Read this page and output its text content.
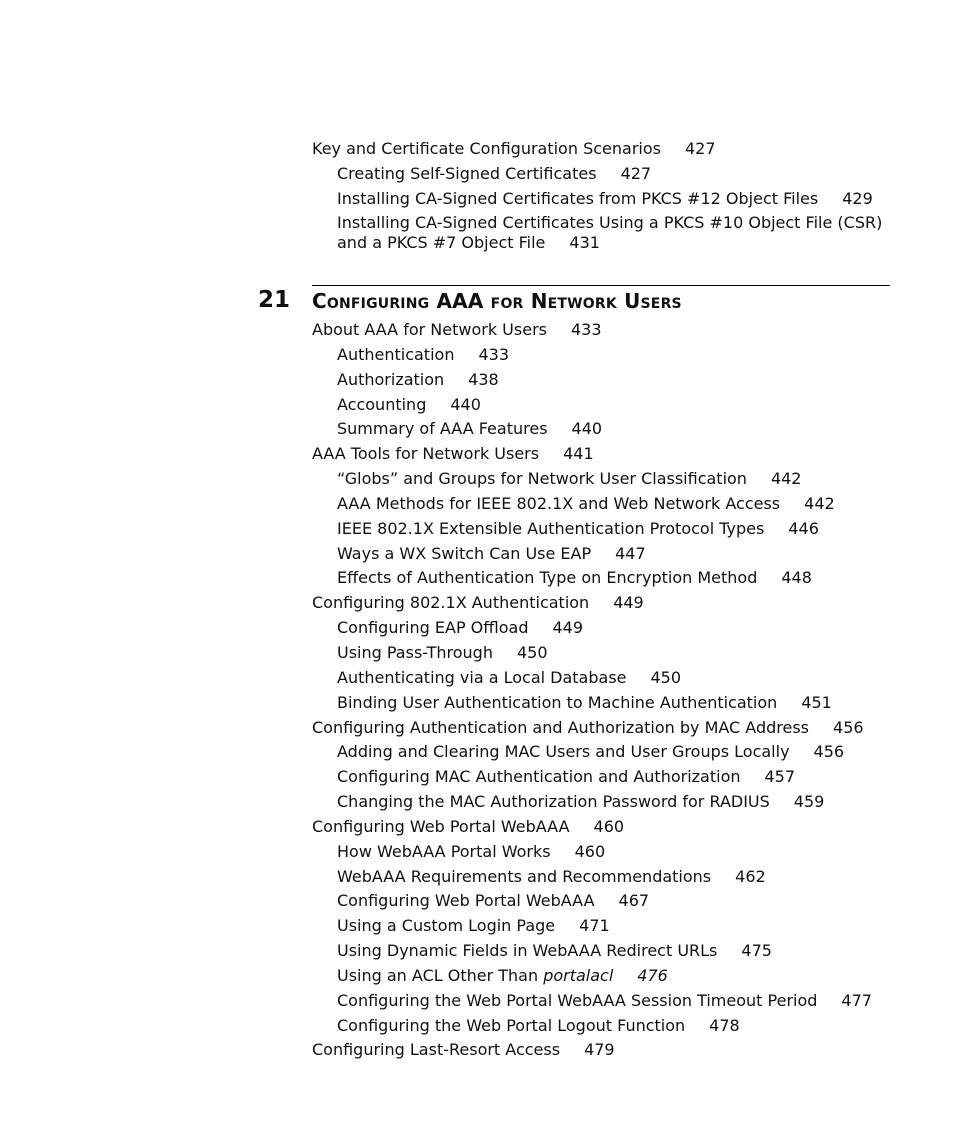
Key and Certificate Configuration Scenarios 427
Creating Self-Signed Certificates 427
Installing CA-Signed Certificates from PKCS #12 Object Files 429
Installing CA-Signed Certificates Using a PKCS #10 Object File (CSR) and a PKCS #7 Object File 431
21 Configuring AAA for Network Users
About AAA for Network Users 433
Authentication 433
Authorization 438
Accounting 440
Summary of AAA Features 440
AAA Tools for Network Users 441
“Globs” and Groups for Network User Classification 442
AAA Methods for IEEE 802.1X and Web Network Access 442
IEEE 802.1X Extensible Authentication Protocol Types 446
Ways a WX Switch Can Use EAP 447
Effects of Authentication Type on Encryption Method 448
Configuring 802.1X Authentication 449
Configuring EAP Offload 449
Using Pass-Through 450
Authenticating via a Local Database 450
Binding User Authentication to Machine Authentication 451
Configuring Authentication and Authorization by MAC Address 456
Adding and Clearing MAC Users and User Groups Locally 456
Configuring MAC Authentication and Authorization 457
Changing the MAC Authorization Password for RADIUS 459
Configuring Web Portal WebAAA 460
How WebAAA Portal Works 460
WebAAA Requirements and Recommendations 462
Configuring Web Portal WebAAA 467
Using a Custom Login Page 471
Using Dynamic Fields in WebAAA Redirect URLs 475
Using an ACL Other Than portalacl 476
Configuring the Web Portal WebAAA Session Timeout Period 477
Configuring the Web Portal Logout Function 478
Configuring Last-Resort Access 479
